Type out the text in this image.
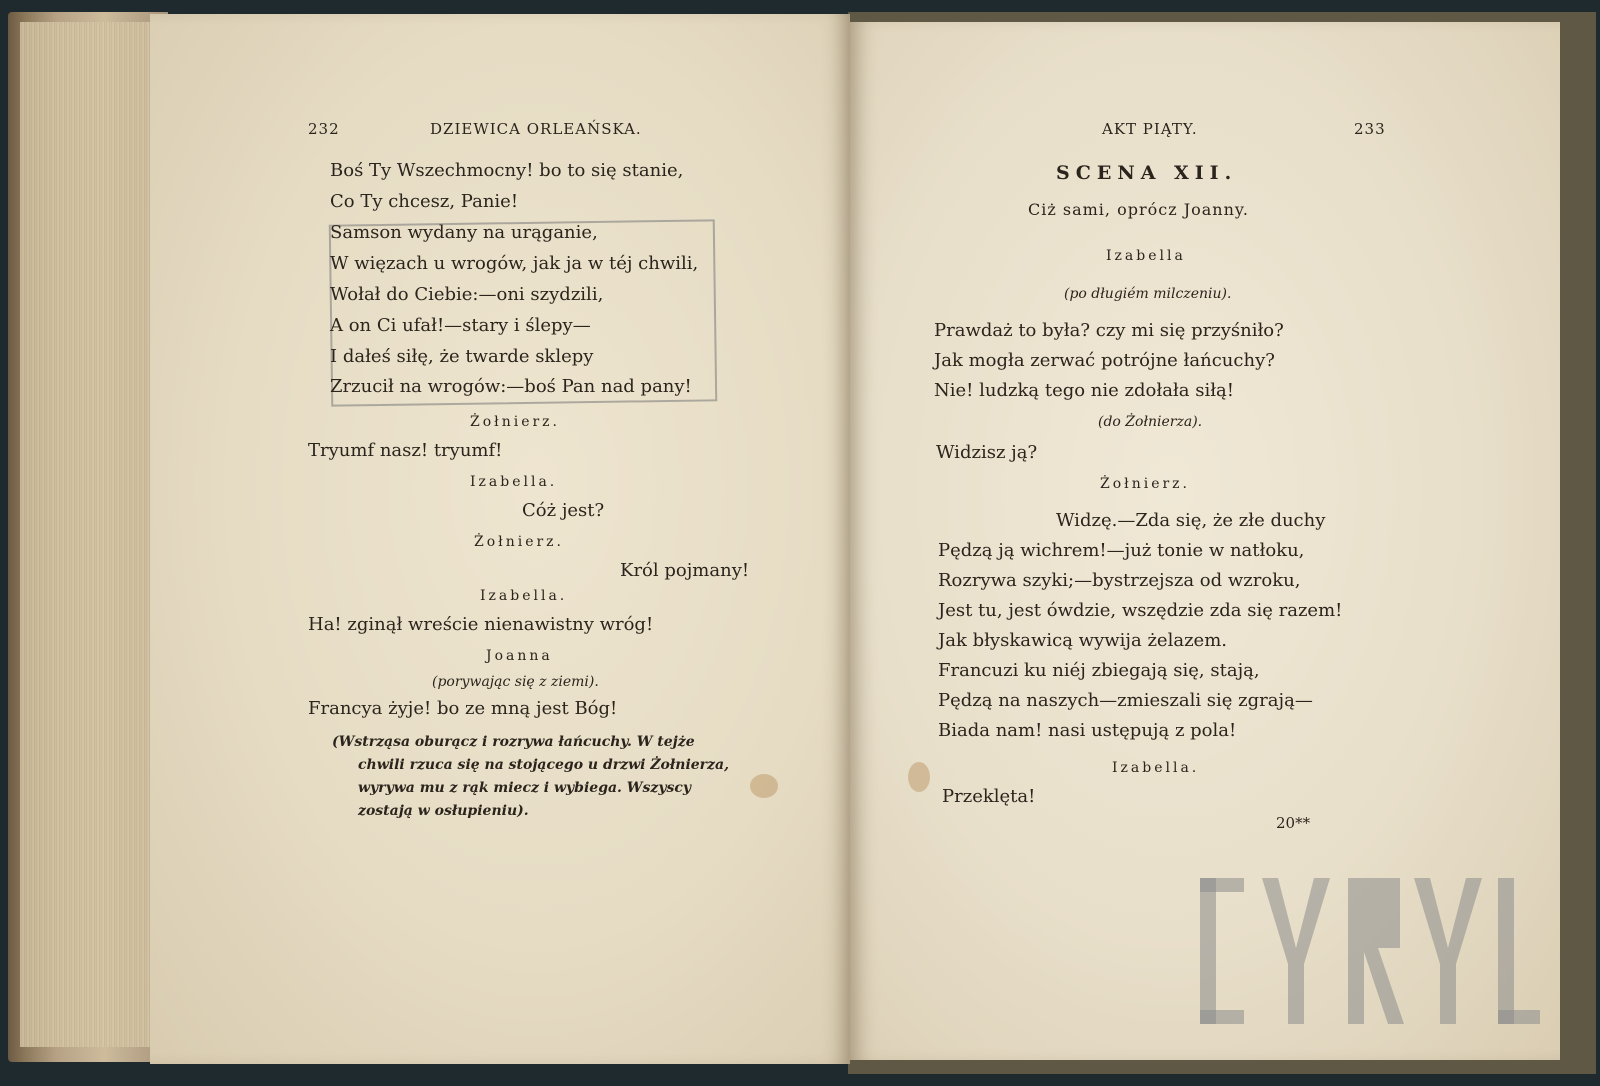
232	DZIEWICA ORLEAŃSKA.
Boś Ty Wszechmocny! bo to się stanie,
Co Ty chcesz, Panie!
Samson wydany na urąganie,
W więzach u wrogów, jak ja w téj chwili,
Wołał do Ciebie:—oni szydzili,
A on Ci ufał!—stary i ślepy—
I dałeś siłę, że twarde sklepy
Zrzucił na wrogów:—boś Pan nad pany!
Żołnierz.
Tryumf nasz! tryumf!
Izabella.
Cóż jest?
Żołnierz.
Król pojmany!
Izabella.
Ha! zginął wreście nienawistny wróg!
Joanna
(porywając się z ziemi).
Francya żyje! bo ze mną jest Bóg!
(Wstrząsa oburącz i rozrywa łańcuchy. W tejże
chwili rzuca się na stojącego u drzwi Żołnierza,
wyrywa mu z rąk miecz i wybiega. Wszyscy
zostają w osłupieniu).
AKT PIĄTY.	233
SCENA XII.
Ciż sami, oprócz Joanny.
Izabella
(po długiém milczeniu).
Prawdaż to była? czy mi się przyśniło?
Jak mogła zerwać potrójne łańcuchy?
Nie! ludzką tego nie zdołała siłą!
(do Żołnierza).
Widzisz ją?
Żołnierz.
Widzę.—Zda się, że złe duchy
Pędzą ją wichrem!—już tonie w natłoku,
Rozrywa szyki;—bystrzejsza od wzroku,
Jest tu, jest ówdzie, wszędzie zda się razem!
Jak błyskawicą wywija żelazem.
Francuzi ku niéj zbiegają się, stają,
Pędzą na naszych—zmieszali się zgrają—
Biada nam! nasi ustępują z pola!
Izabella.
Przeklęta!
20**
